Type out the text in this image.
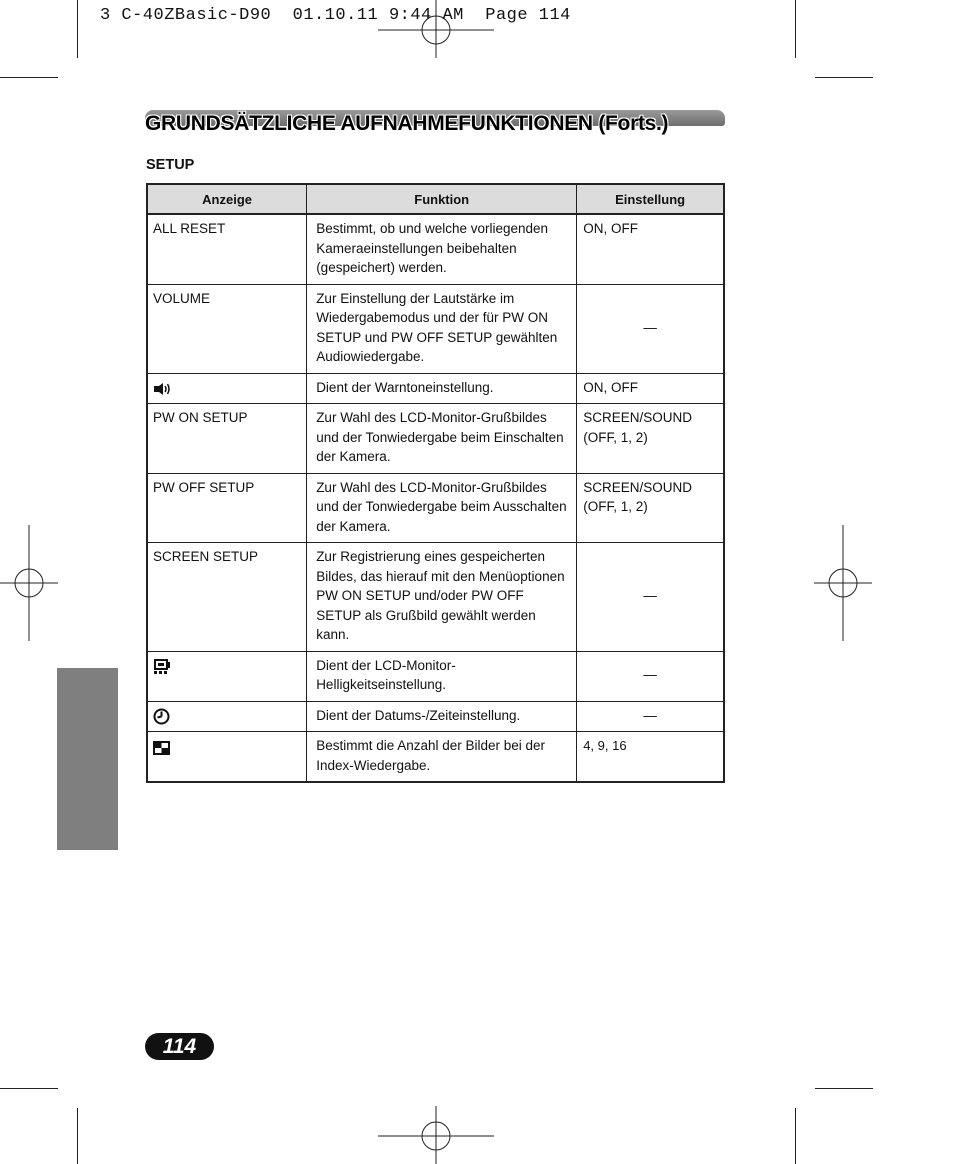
3 C-40ZBasic-D90  01.10.11 9:44 AM  Page 114
GRUNDSÄTZLICHE AUFNAHMEFUNKTIONEN (Forts.)
SETUP
Anzeige	Funktion	Einstellung
ALL RESET	Bestimmt, ob und welche vorliegenden Kameraeinstellungen beibehalten (gespeichert) werden.	ON, OFF
VOLUME	Zur Einstellung der Lautstärke im Wiedergabemodus und der für PW ON SETUP und PW OFF SETUP gewählten Audiowiedergabe.	—
	Dient der Warntoneinstellung.	ON, OFF
PW ON SETUP	Zur Wahl des LCD-Monitor-Grußbildes und der Tonwiedergabe beim Einschalten der Kamera.	SCREEN/SOUND (OFF, 1, 2)
PW OFF SETUP	Zur Wahl des LCD-Monitor-Grußbildes und der Tonwiedergabe beim Ausschalten der Kamera.	SCREEN/SOUND (OFF, 1, 2)
SCREEN SETUP	Zur Registrierung eines gespeicherten Bildes, das hierauf mit den Menüoptionen PW ON SETUP und/oder PW OFF SETUP als Grußbild gewählt werden kann.	—
	Dient der LCD-Monitor-Helligkeitseinstellung.	—
	Dient der Datums-/Zeiteinstellung.	—
	Bestimmt die Anzahl der Bilder bei der Index-Wiedergabe.	4, 9, 16
114
